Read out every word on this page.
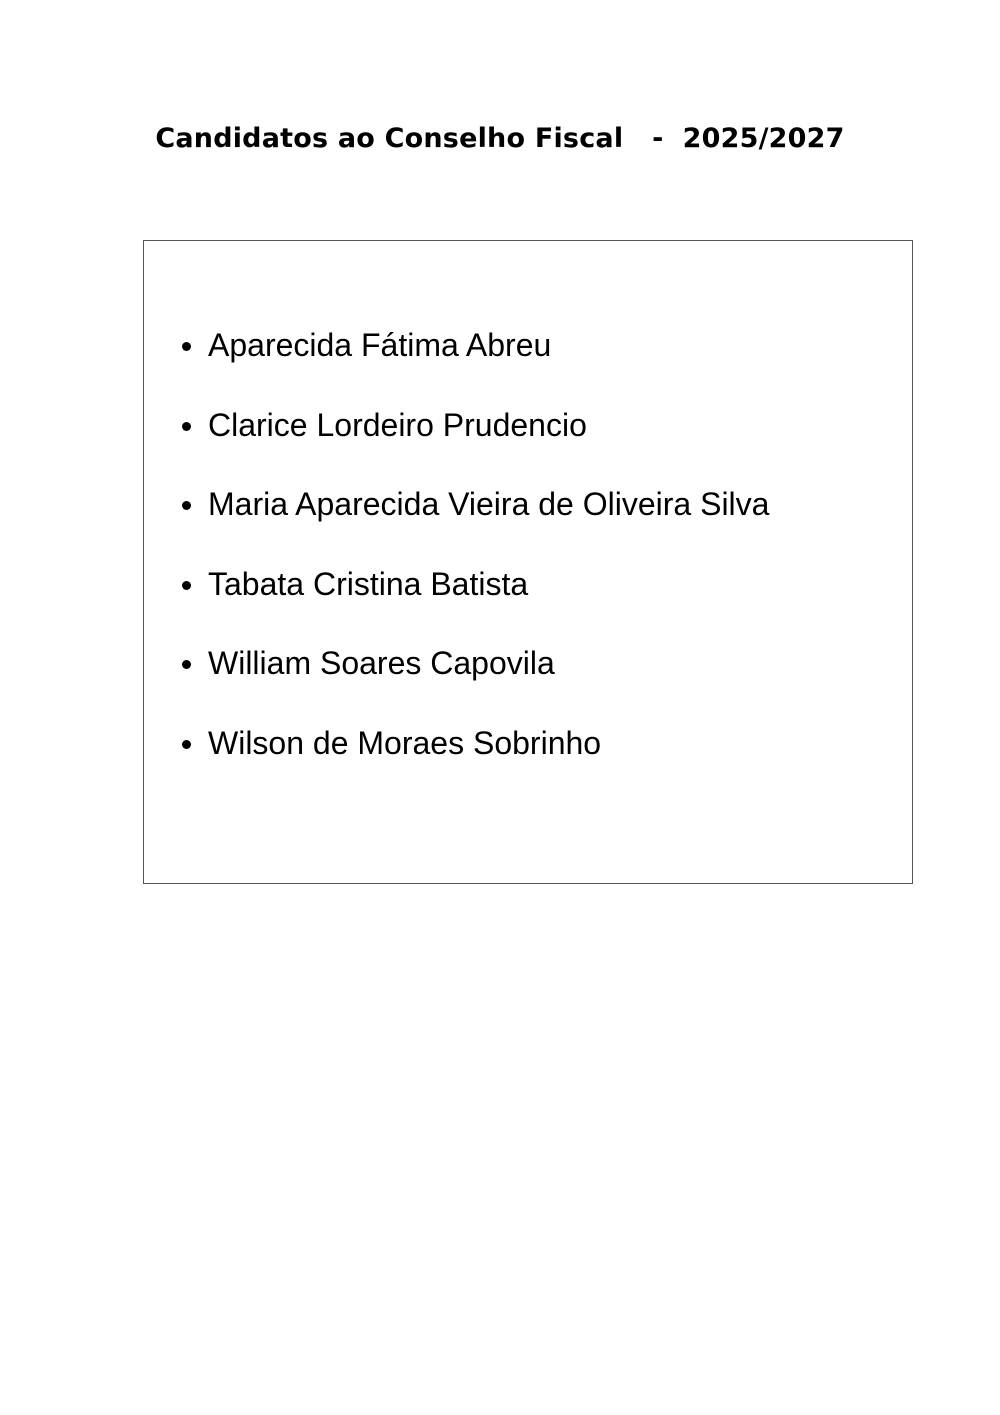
Candidatos ao Conselho Fiscal   -  2025/2027
Aparecida Fátima Abreu
Clarice Lordeiro Prudencio
Maria Aparecida Vieira de Oliveira Silva
Tabata Cristina Batista
William Soares Capovila
Wilson de Moraes Sobrinho
